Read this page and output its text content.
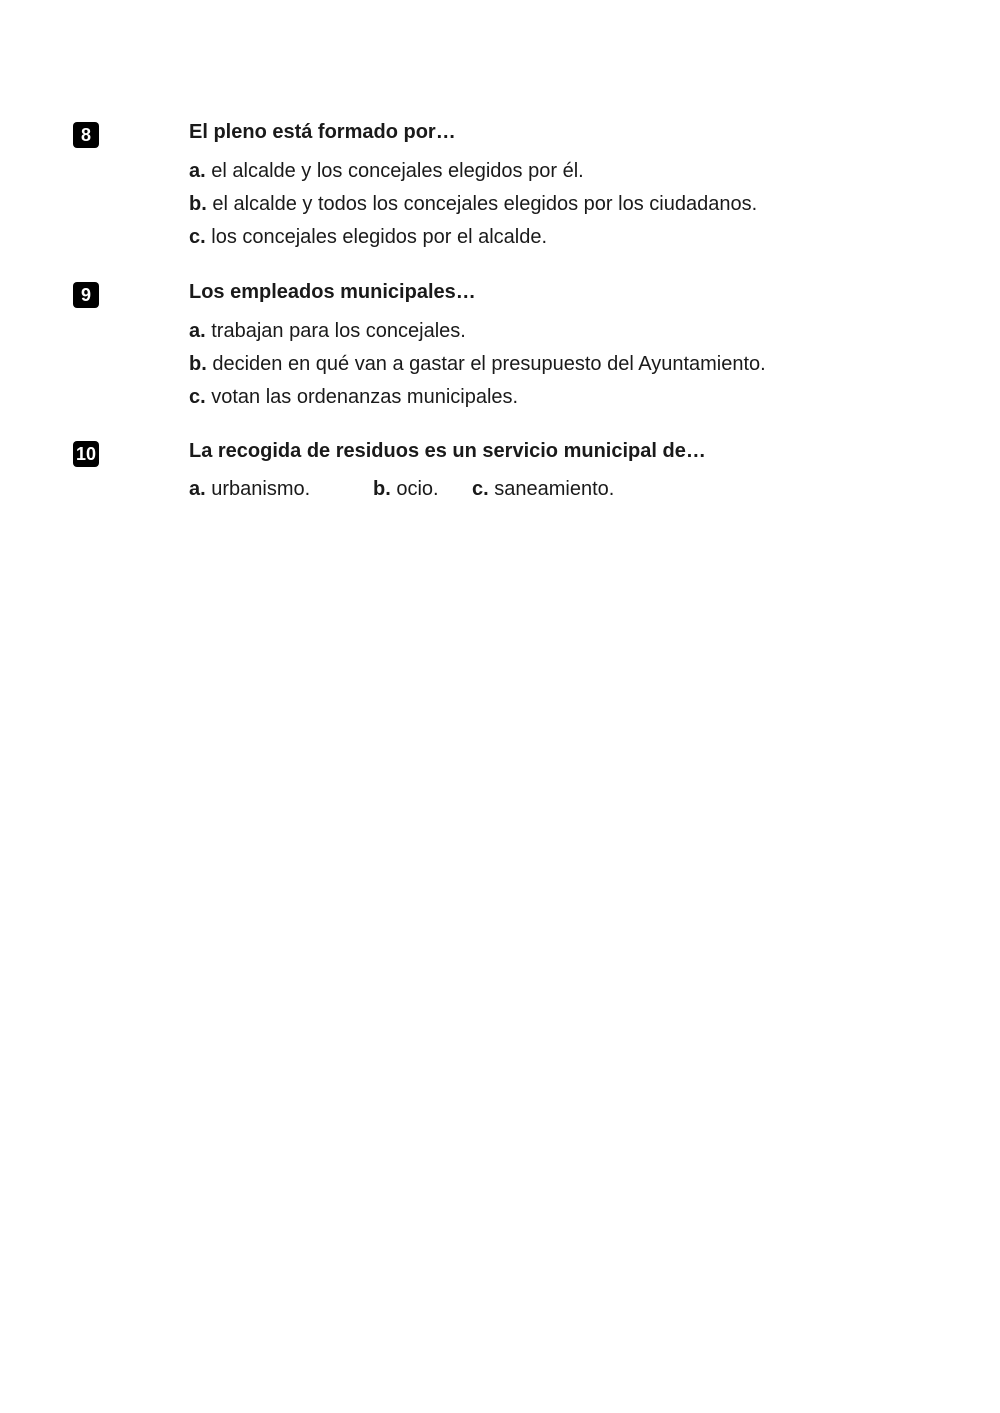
8	El pleno está formado por…
a. el alcalde y los concejales elegidos por él.
b. el alcalde y todos los concejales elegidos por los ciudadanos.
c. los concejales elegidos por el alcalde.
9	Los empleados municipales…
a. trabajan para los concejales.
b. deciden en qué van a gastar el presupuesto del Ayuntamiento.
c. votan las ordenanzas municipales.
10	La recogida de residuos es un servicio municipal de…
a. urbanismo.	b. ocio. c. saneamiento.
